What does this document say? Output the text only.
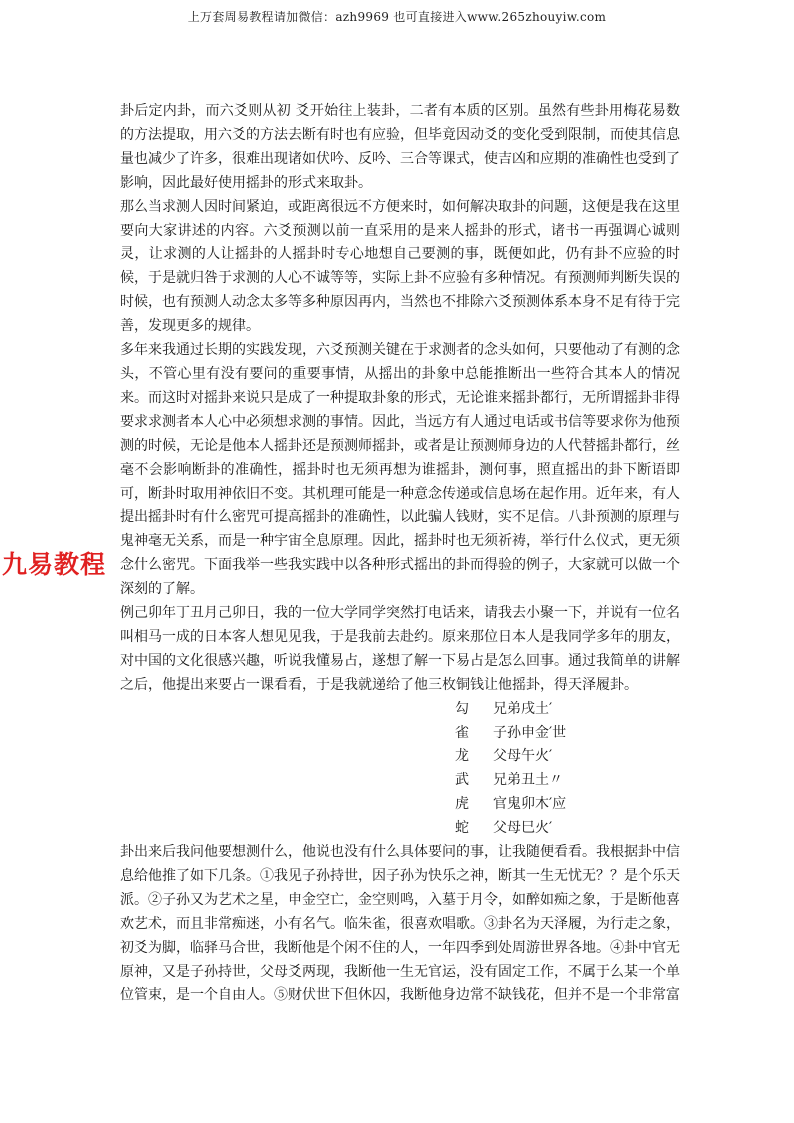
上万套周易教程请加微信：azh9969 也可直接进入www.265zhouyiw.com
九易教程

卦后定内卦，而六爻则从初 爻开始往上装卦，二者有本质的区别。虽然有些卦用梅花易数的方法提取，用六爻的方法去断有时也有应验，但毕竟因动爻的变化受到限制，而使其信息量也减少了许多，很难出现诸如伏吟、反吟、三合等课式，使吉凶和应期的准确性也受到了影响，因此最好使用摇卦的形式来取卦。

那么当求测人因时间紧迫，或距离很远不方便来时，如何解决取卦的问题，这便是我在这里要向大家讲述的内容。六爻预测以前一直采用的是来人摇卦的形式，诸书一再强调心诚则灵，让求测的人让摇卦的人摇卦时专心地想自己要测的事，既便如此，仍有卦不应验的时候，于是就归咎于求测的人心不诚等等，实际上卦不应验有多种情况。有预测师判断失误的时候，也有预测人动念太多等多种原因再内，当然也不排除六爻预测体系本身不足有待于完善，发现更多的规律。

多年来我通过长期的实践发现，六爻预测关键在于求测者的念头如何，只要他动了有测的念头，不管心里有没有要问的重要事情，从摇出的卦象中总能推断出一些符合其本人的情况来。而这时对摇卦来说只是成了一种提取卦象的形式，无论谁来摇卦都行，无所谓摇卦非得要求求测者本人心中必须想求测的事情。因此，当远方有人通过电话或书信等要求你为他预测的时候，无论是他本人摇卦还是预测师摇卦，或者是让预测师身边的人代替摇卦都行，丝毫不会影响断卦的准确性，摇卦时也无须再想为谁摇卦，测何事，照直摇出的卦下断语即可，断卦时取用神依旧不变。其机理可能是一种意念传递或信息场在起作用。近年来，有人提出摇卦时有什么密咒可提高摇卦的准确性，以此骗人钱财，实不足信。八卦预测的原理与鬼神毫无关系，而是一种宇宙全息原理。因此，摇卦时也无须祈祷，举行什么仪式，更无须念什么密咒。下面我举一些我实践中以各种形式摇出的卦而得验的例子，大家就可以做一个深刻的了解。

例己卯年丁丑月己卯日，我的一位大学同学突然打电话来，请我去小聚一下，并说有一位名叫相马一成的日本客人想见见我，于是我前去赴约。原来那位日本人是我同学多年的朋友，对中国的文化很感兴趣，听说我懂易占，遂想了解一下易占是怎么回事。通过我简单的讲解之后，他提出来要占一课看看，于是我就递给了他三枚铜钱让他摇卦，得天泽履卦。

勾 兄弟戌土′
雀 子孙申金′世
龙 父母午火′
武 兄弟丑土〃
虎 官鬼卯木′应
蛇 父母巳火′

卦出来后我问他要想测什么，他说也没有什么具体要问的事，让我随便看看。我根据卦中信息给他推了如下几条。①我见子孙持世，因子孙为快乐之神，断其一生无忧无？？是个乐天派。②子孙又为艺术之星，申金空亡，金空则鸣，入墓于月令，如醉如痴之象，于是断他喜欢艺术，而且非常痴迷，小有名气。临朱雀，很喜欢唱歌。③卦名为天泽履，为行走之象，初爻为脚，临驿马合世，我断他是个闲不住的人，一年四季到处周游世界各地。④卦中官无原神，又是子孙持世，父母爻两现，我断他一生无官运，没有固定工作，不属于么某一个单位管束，是一个自由人。⑤财伏世下但休囚，我断他身边常不缺钱花，但并不是一个非常富
